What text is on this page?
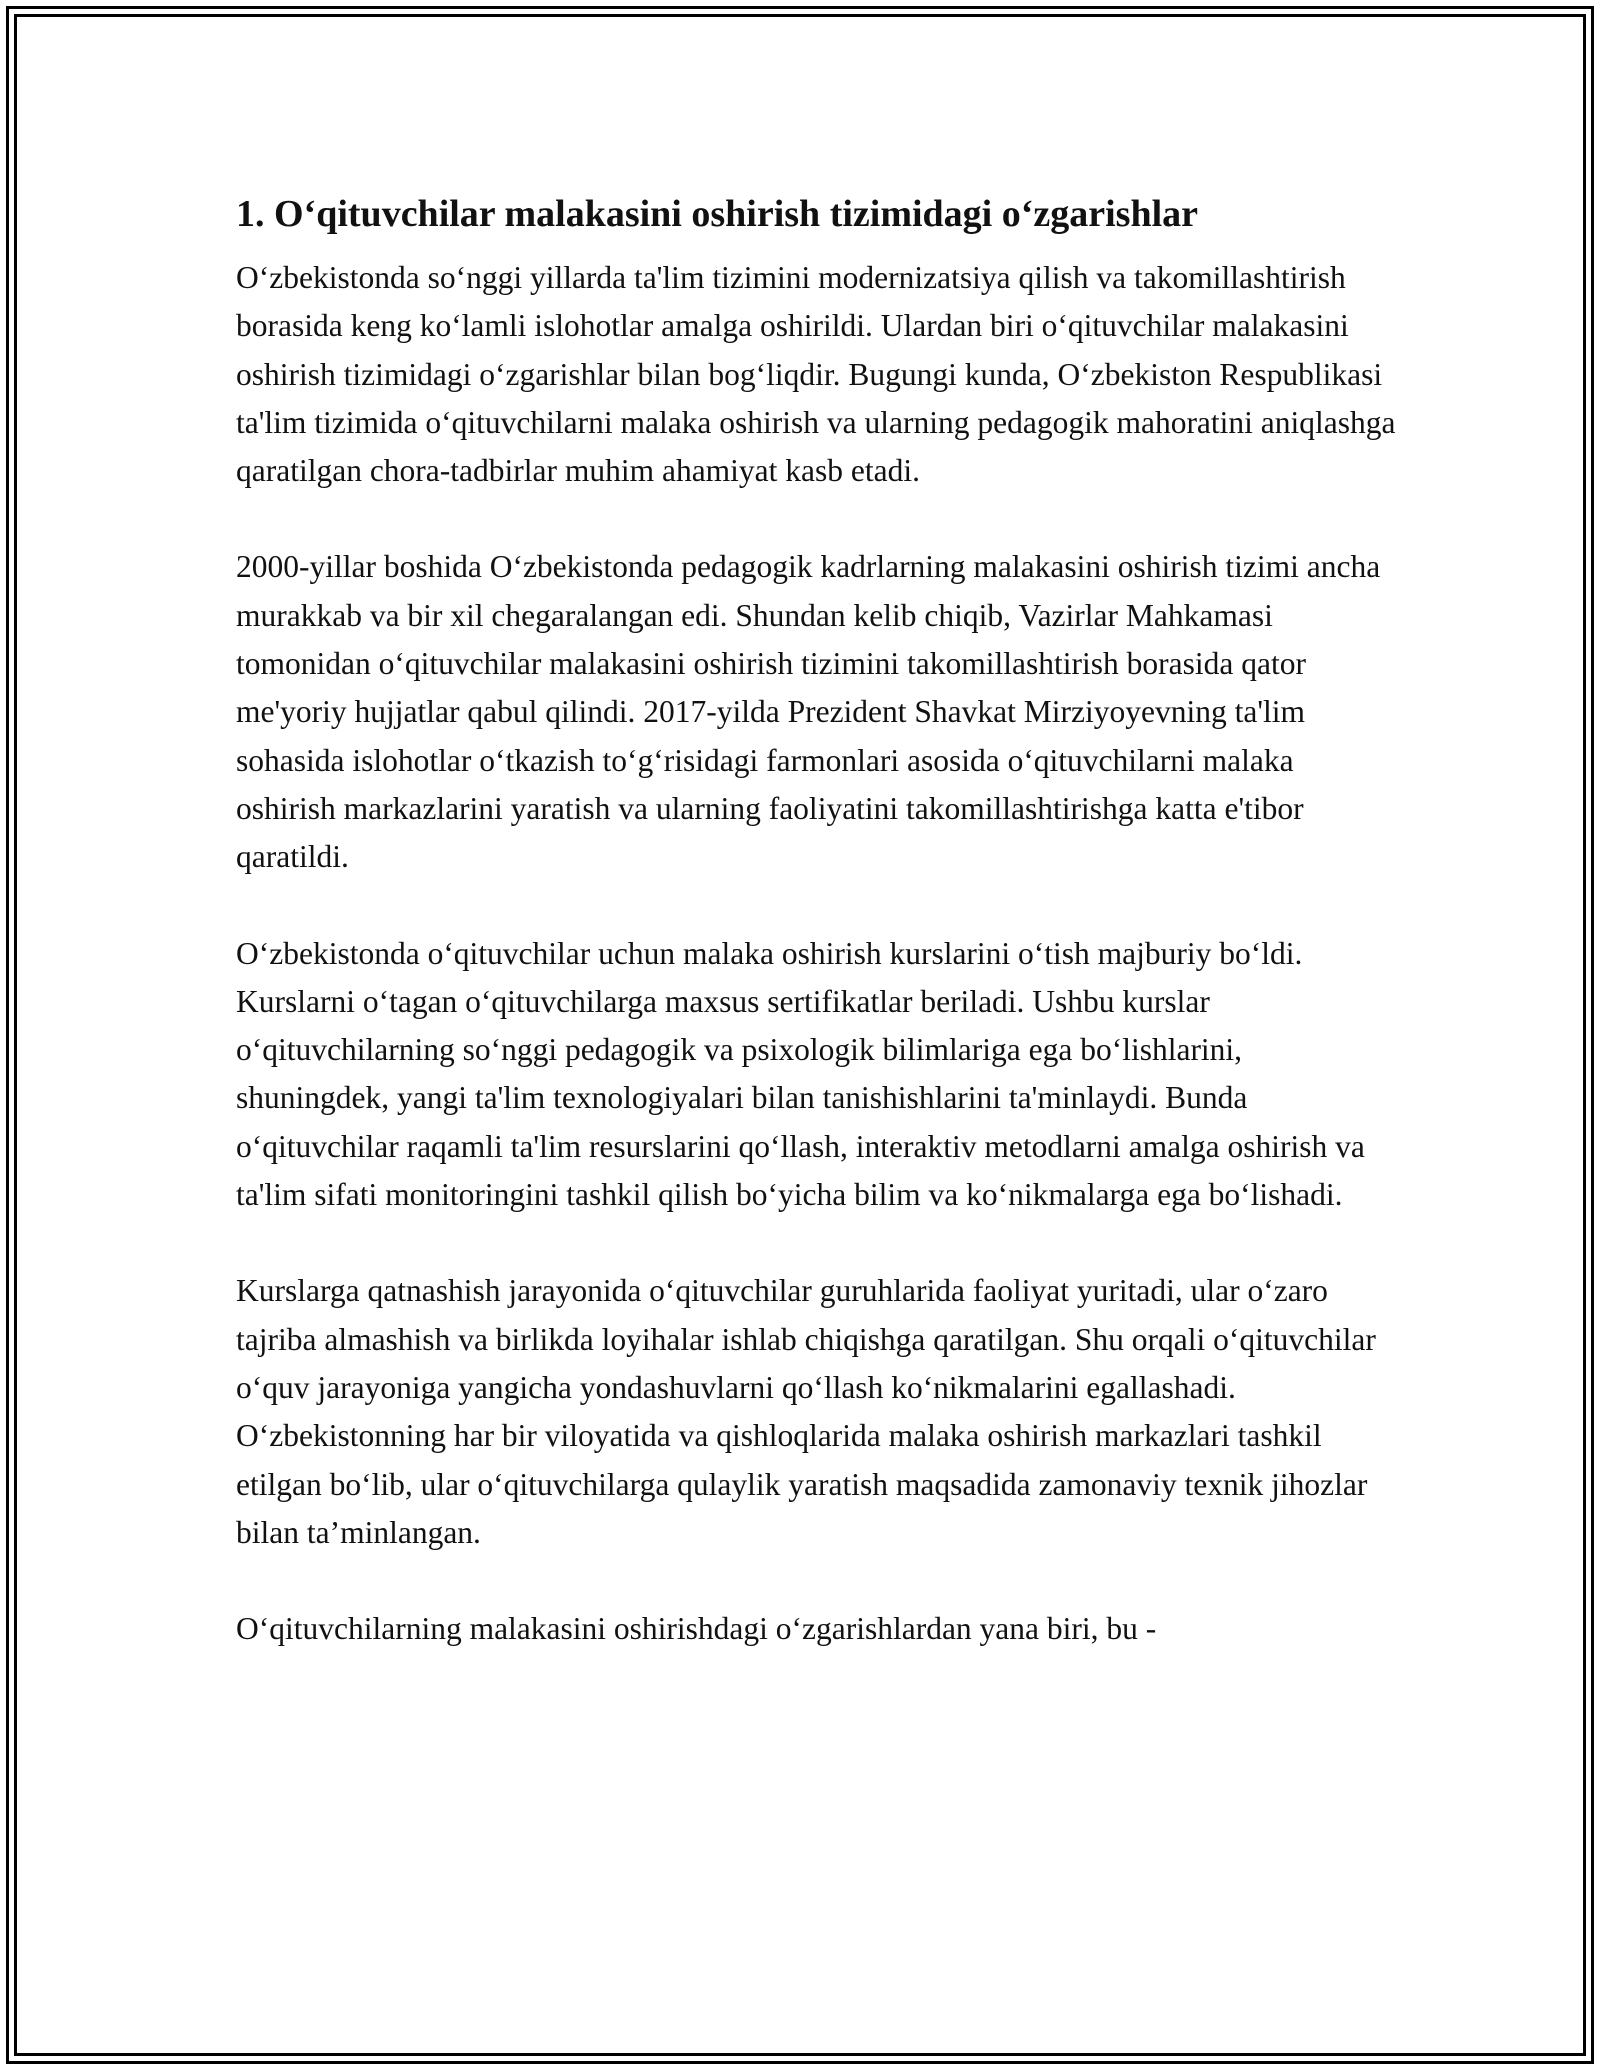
1. O‘qituvchilar malakasini oshirish tizimidagi o‘zgarishlar

O‘zbekistonda so‘nggi yillarda ta'lim tizimini modernizatsiya qilish va takomillashtirish borasida keng ko‘lamli islohotlar amalga oshirildi. Ulardan biri o‘qituvchilar malakasini oshirish tizimidagi o‘zgarishlar bilan bog‘liqdir. Bugungi kunda, O‘zbekiston Respublikasi ta'lim tizimida o‘qituvchilarni malaka oshirish va ularning pedagogik mahoratini aniqlashga qaratilgan chora-tadbirlar muhim ahamiyat kasb etadi.

2000-yillar boshida O‘zbekistonda pedagogik kadrlarning malakasini oshirish tizimi ancha murakkab va bir xil chegaralangan edi. Shundan kelib chiqib, Vazirlar Mahkamasi tomonidan o‘qituvchilar malakasini oshirish tizimini takomillashtirish borasida qator me'yoriy hujjatlar qabul qilindi. 2017-yilda Prezident Shavkat Mirziyoyevning ta'lim sohasida islohotlar o‘tkazish to‘g‘risidagi farmonlari asosida o‘qituvchilarni malaka oshirish markazlarini yaratish va ularning faoliyatini takomillashtirishga katta e'tibor qaratildi.

O‘zbekistonda o‘qituvchilar uchun malaka oshirish kurslarini o‘tish majburiy bo‘ldi. Kurslarni o‘tagan o‘qituvchilarga maxsus sertifikatlar beriladi. Ushbu kurslar o‘qituvchilarning so‘nggi pedagogik va psixologik bilimlariga ega bo‘lishlarini, shuningdek, yangi ta'lim texnologiyalari bilan tanishishlarini ta'minlaydi. Bunda o‘qituvchilar raqamli ta'lim resurslarini qo‘llash, interaktiv metodlarni amalga oshirish va ta'lim sifati monitoringini tashkil qilish bo‘yicha bilim va ko‘nikmalarga ega bo‘lishadi.

Kurslarga qatnashish jarayonida o‘qituvchilar guruhlarida faoliyat yuritadi, ular o‘zaro tajriba almashish va birlikda loyihalar ishlab chiqishga qaratilgan. Shu orqali o‘qituvchilar o‘quv jarayoniga yangicha yondashuvlarni qo‘llash ko‘nikmalarini egallashadi. O‘zbekistonning har bir viloyatida va qishloqlarida malaka oshirish markazlari tashkil etilgan bo‘lib, ular o‘qituvchilarga qulaylik yaratish maqsadida zamonaviy texnik jihozlar bilan ta’minlangan.

O‘qituvchilarning malakasini oshirishdagi o‘zgarishlardan yana biri, bu -
